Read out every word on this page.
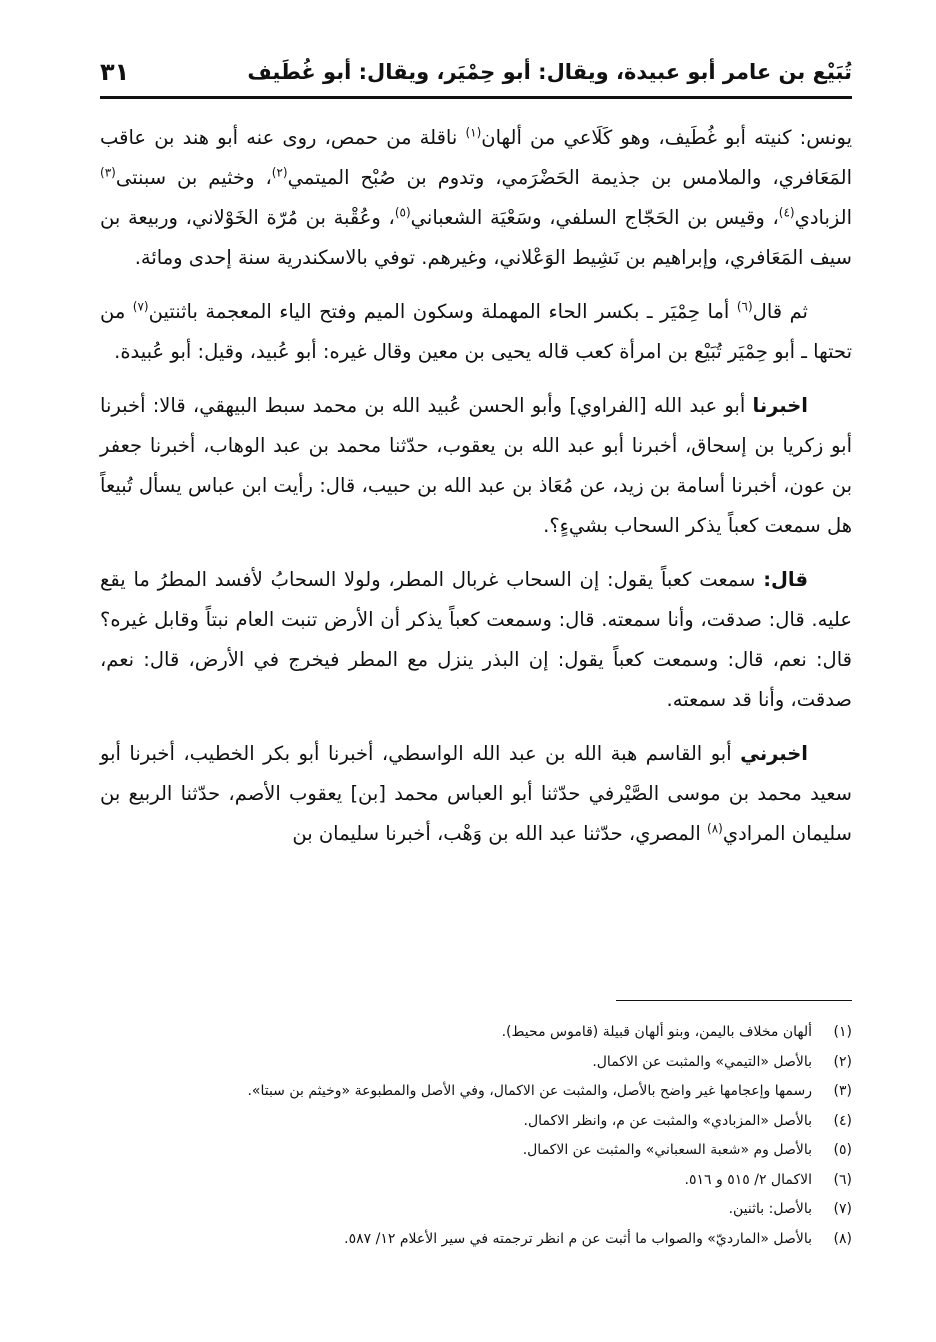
تُبَيْع بن عامر أبو عبيدة، ويقال: أبو حِمْيَر، ويقال: أبو غُطَيف
٣١

يونس: كنيته أبو غُطَيف، وهو كَلَاعي من ألهان$^{(١)}$ ناقلة من حمص، روى عنه أبو هند بن عاقب المَعَافري، والملامس بن جذيمة الحَضْرَمي، وتدوم بن صُبْح الميتمي$^{(٢)}$، وخثيم بن سبنتى$^{(٣)}$ الزبادي$^{(٤)}$، وقيس بن الحَجّاج السلفي، وسَعْيَة الشعباني$^{(٥)}$، وعُقْبة بن مُرّة الخَوْلاني، وربيعة بن سيف المَعَافري، وإبراهيم بن نَشِيط الوَعْلاني، وغيرهم. توفي بالاسكندرية سنة إحدى ومائة.

ثم قال$^{(٦)}$ أما حِمْيَر ـ بكسر الحاء المهملة وسكون الميم وفتح الياء المعجمة باثنتين$^{(٧)}$ من تحتها ـ أبو حِمْيَر تُبَيْع بن امرأة كعب قاله يحيى بن معين وقال غيره: أبو عُبيد، وقيل: أبو عُبيدة.

اخبرنا أبو عبد الله [الفراوي] وأبو الحسن عُبيد الله بن محمد سبط البيهقي، قالا: أخبرنا أبو زكريا بن إسحاق، أخبرنا أبو عبد الله بن يعقوب، حدّثنا محمد بن عبد الوهاب، أخبرنا جعفر بن عون، أخبرنا أسامة بن زيد، عن مُعَاذ بن عبد الله بن حبيب، قال: رأيت ابن عباس يسأل تُبيعاً هل سمعت كعباً يذكر السحاب بشيءٍ؟.

قال: سمعت كعباً يقول: إن السحاب غربال المطر، ولولا السحابُ لأفسد المطرُ ما يقع عليه. قال: صدقت، وأنا سمعته. قال: وسمعت كعباً يذكر أن الأرض تنبت العام نبتاً وقابل غيره؟ قال: نعم، قال: وسمعت كعباً يقول: إن البذر ينزل مع المطر فيخرج في الأرض، قال: نعم، صدقت، وأنا قد سمعته.

اخبرني أبو القاسم هبة الله بن عبد الله الواسطي، أخبرنا أبو بكر الخطيب، أخبرنا أبو سعيد محمد بن موسى الصَّيْرفي حدّثنا أبو العباس محمد [بن] يعقوب الأصم، حدّثنا الربيع بن سليمان المرادي$^{(٨)}$ المصري، حدّثنا عبد الله بن وَهْب، أخبرنا سليمان بن

(١)
ألهان مخلاف باليمن، وبنو ألهان قبيلة (قاموس محيط).
(٢)
بالأصل «التيمي» والمثبت عن الاكمال.
(٣)
رسمها وإعجامها غير واضح بالأصل، والمثبت عن الاكمال، وفي الأصل والمطبوعة «وخيثم بن سبتا».
(٤)
بالأصل «المزبادي» والمثبت عن م، وانظر الاكمال.
(٥)
بالأصل وم «شعبة السعباني» والمثبت عن الاكمال.
(٦)
الاكمال ٢/ ٥١٥ و ٥١٦.
(٧)
بالأصل: باثنين.
(٨)
بالأصل «المارديّ» والصواب ما أثبت عن م انظر ترجمته في سير الأعلام ١٢/ ٥٨٧.
